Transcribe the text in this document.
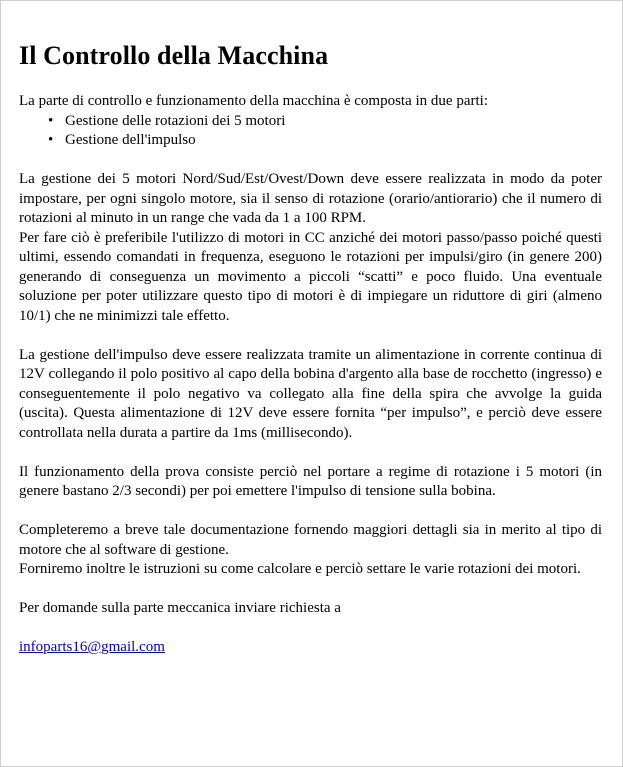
Il Controllo della Macchina

La parte di controllo e funzionamento della macchina è composta in due parti:

• Gestione delle rotazioni dei 5 motori
• Gestione dell'impulso

La gestione dei 5 motori Nord/Sud/Est/Ovest/Down deve essere realizzata in modo da poter impostare, per ogni singolo motore, sia il senso di rotazione (orario/antiorario) che il numero di rotazioni al minuto in un range che vada da 1 a 100 RPM.

Per fare ciò è preferibile l'utilizzo di motori in CC anziché dei motori passo/passo poiché questi ultimi, essendo comandati in frequenza, eseguono le rotazioni per impulsi/giro (in genere 200) generando di conseguenza un movimento a piccoli “scatti” e poco fluido. Una eventuale soluzione per poter utilizzare questo tipo di motori è di impiegare un riduttore di giri (almeno 10/1) che ne minimizzi tale effetto.

La gestione dell'impulso deve essere realizzata tramite un alimentazione in corrente continua di 12V collegando il polo positivo al capo della bobina d'argento alla base de rocchetto (ingresso) e conseguentemente il polo negativo va collegato alla fine della spira che avvolge la guida (uscita). Questa alimentazione di 12V deve essere fornita “per impulso”, e perciò deve essere controllata nella durata a partire da 1ms (millisecondo).

Il funzionamento della prova consiste perciò nel portare a regime di rotazione i 5 motori (in genere bastano 2/3 secondi) per poi emettere l'impulso di tensione sulla bobina.

Completeremo a breve tale documentazione fornendo maggiori dettagli sia in merito al tipo di motore che al software di gestione.

Forniremo inoltre le istruzioni su come calcolare e perciò settare le varie rotazioni dei motori.

Per domande sulla parte meccanica inviare richiesta a

infoparts16@gmail.com
